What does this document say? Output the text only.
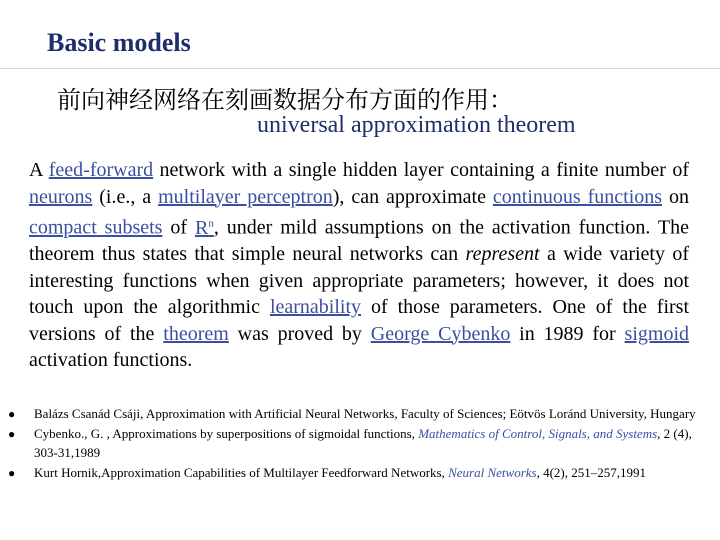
Basic models
前向神经网络在刻画数据分布方面的作用：
universal approximation theorem
A feed-forward network with a single hidden layer containing a finite number of neurons (i.e., a multilayer perceptron), can approximate continuous functions on compact subsets of $R^n$, under mild assumptions on the activation function. The theorem thus states that simple neural networks can represent a wide variety of interesting functions when given appropriate parameters; however, it does not touch upon the algorithmic learnability of those parameters. One of the first versions of the theorem was proved by George Cybenko in 1989 for sigmoid activation functions.
● Balázs Csanád Csáji, Approximation with Artificial Neural Networks, Faculty of Sciences; Eötvös Loránd University, Hungary
● Cybenko., G. , Approximations by superpositions of sigmoidal functions, Mathematics of Control, Signals, and Systems, 2 (4), 303-31,1989
● Kurt Hornik,Approximation Capabilities of Multilayer Feedforward Networks, Neural Networks, 4(2), 251–257,1991
